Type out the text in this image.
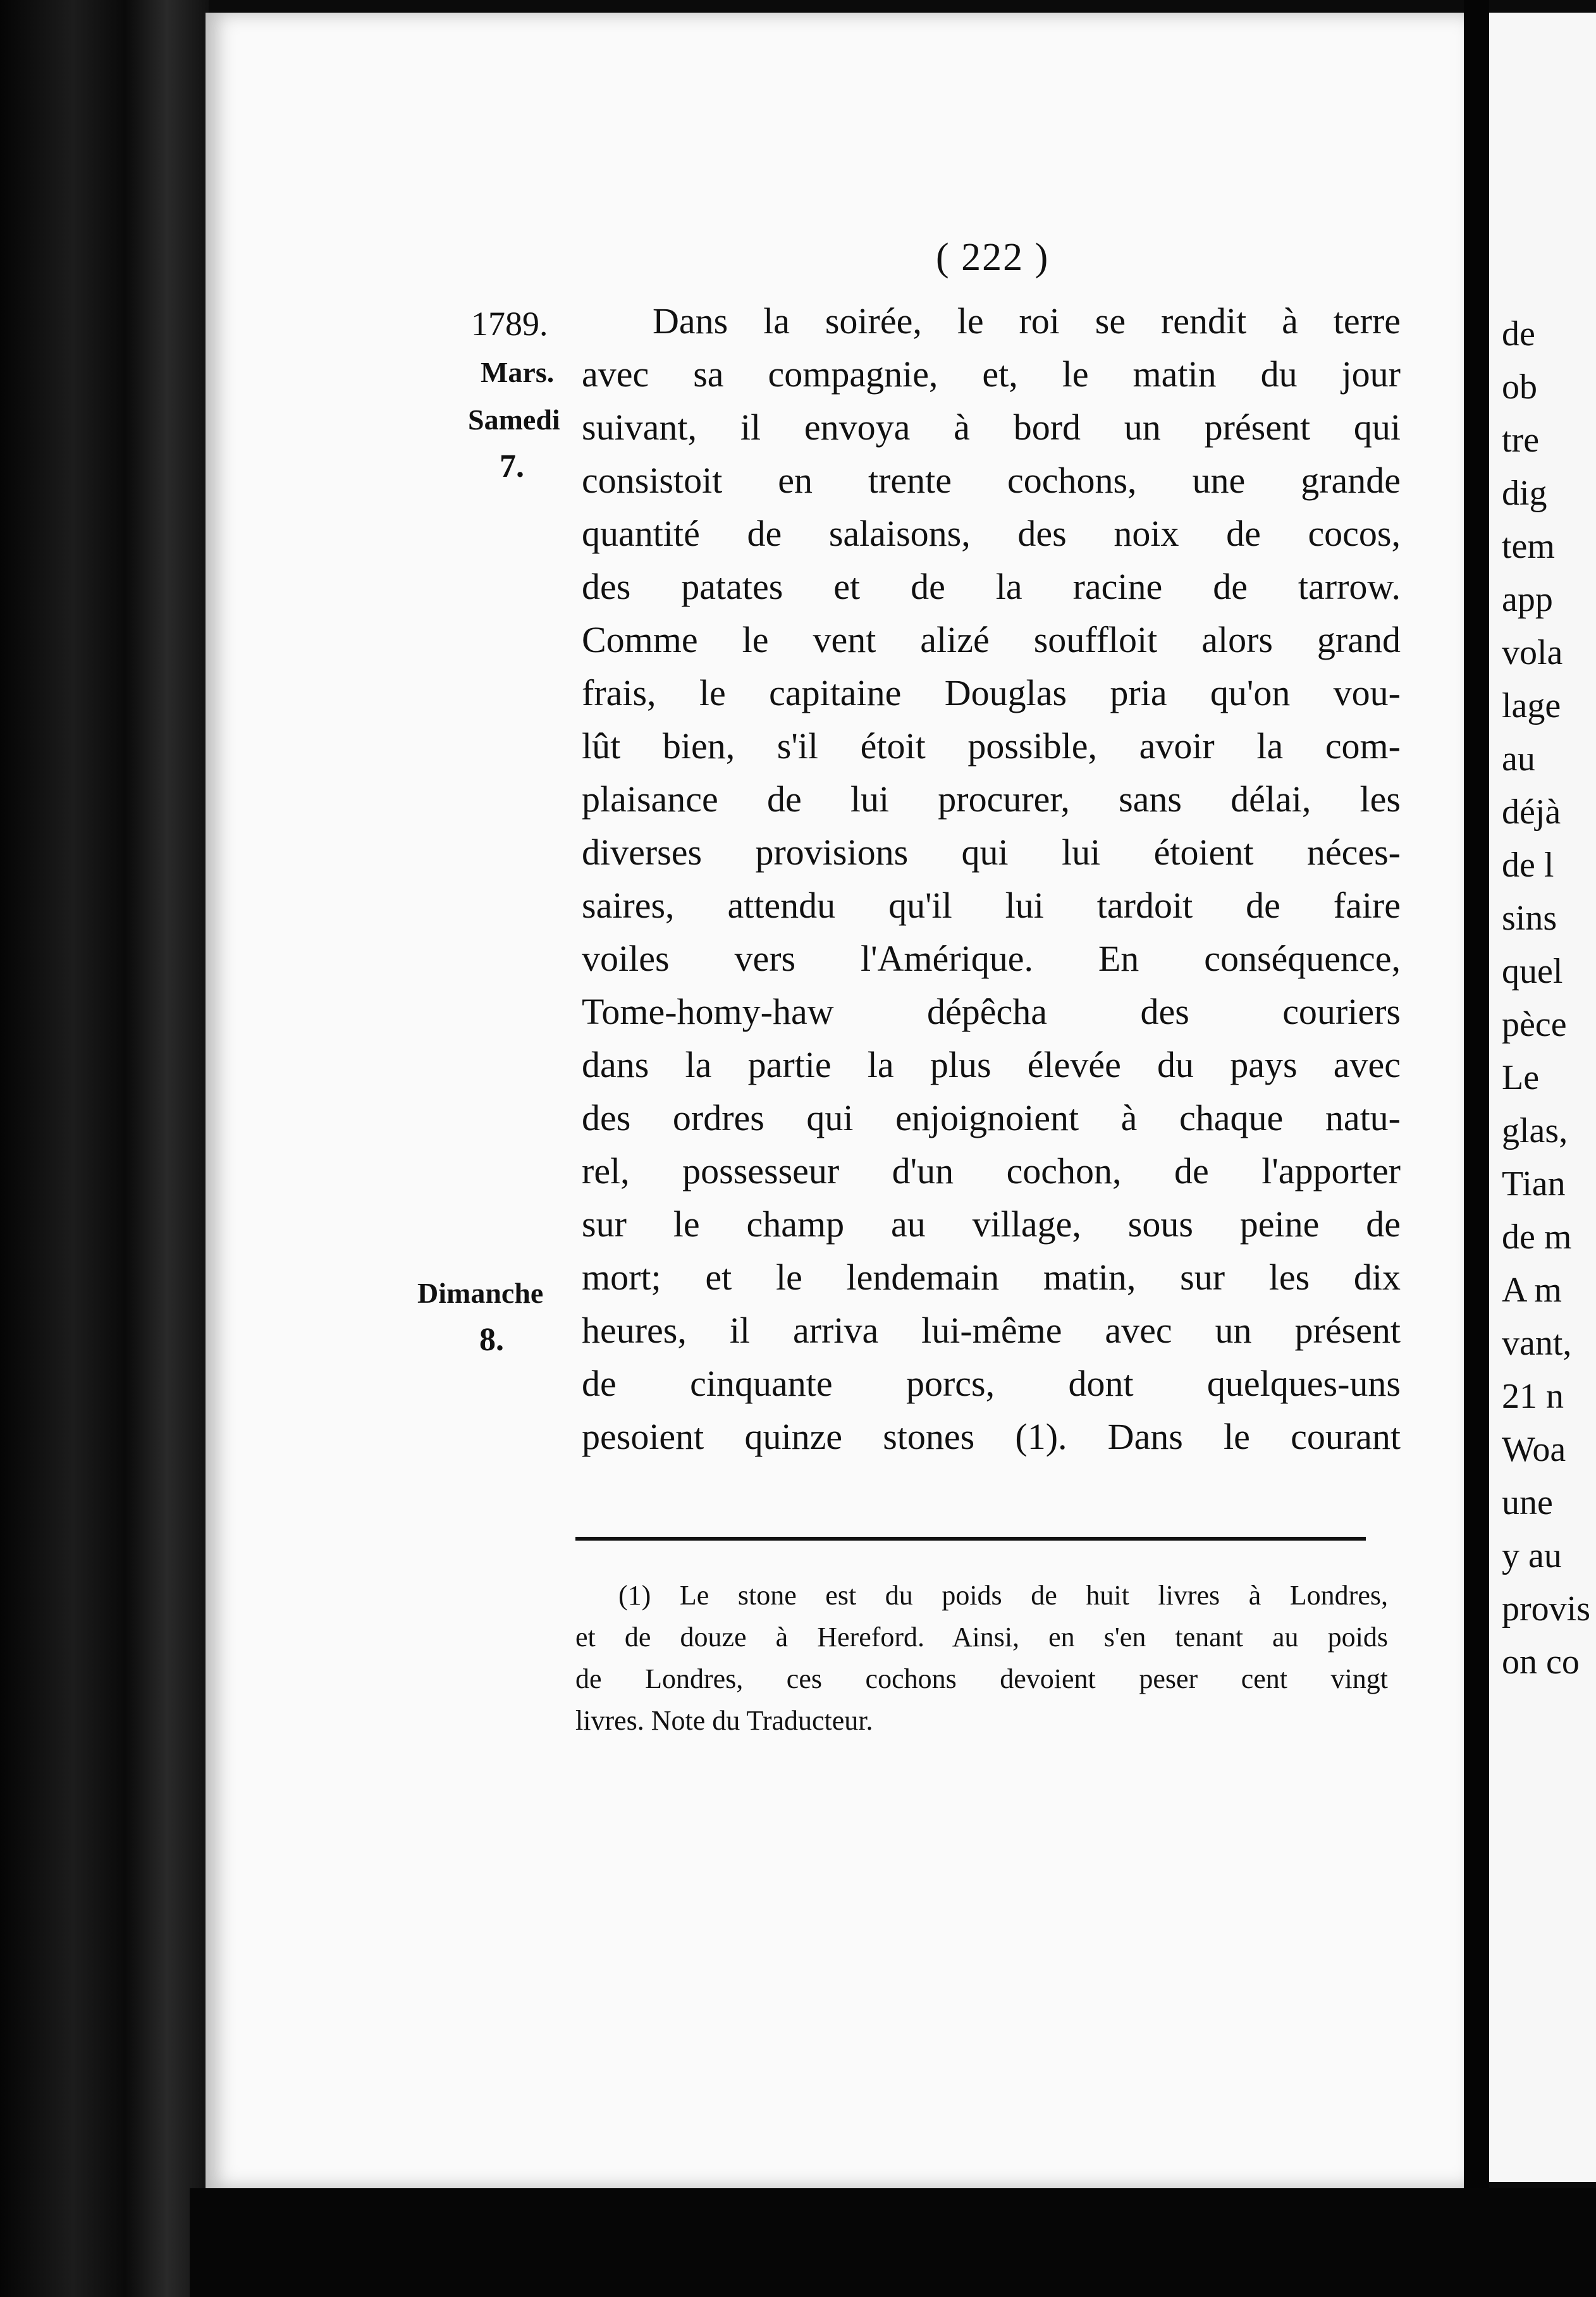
( 222 )
1789.
Mars.
Samedi
7.
Dimanche
8.
Dans la soirée, le roi se rendit à terre
avec sa compagnie, et, le matin du jour
suivant, il envoya à bord un présent qui
consistoit en trente cochons, une grande
quantité de salaisons, des noix de cocos,
des patates et de la racine de tarrow.
Comme le vent alizé souffloit alors grand
frais, le capitaine Douglas pria qu'on vou-
lût bien, s'il étoit possible, avoir la com-
plaisance de lui procurer, sans délai, les
diverses provisions qui lui étoient néces-
saires, attendu qu'il lui tardoit de faire
voiles vers l'Amérique. En conséquence,
Tome-homy-haw dépêcha des couriers
dans la partie la plus élevée du pays avec
des ordres qui enjoignoient à chaque natu-
rel, possesseur d'un cochon, de l'apporter
sur le champ au village, sous peine de
mort; et le lendemain matin, sur les dix
heures, il arriva lui-même avec un présent
de cinquante porcs, dont quelques-uns
pesoient quinze stones (1). Dans le courant
(1) Le stone est du poids de huit livres à Londres,
et de douze à Hereford. Ainsi, en s'en tenant au poids
de Londres, ces cochons devoient peser cent vingt
livres. Note du Traducteur.
de
ob
tre
dig
tem
app
vola
lage
au
déjà
de l
sins
quel
pèce
Le
glas,
Tian
de m
A m
vant,
21 n
Woa
une
y au
provis
on co
